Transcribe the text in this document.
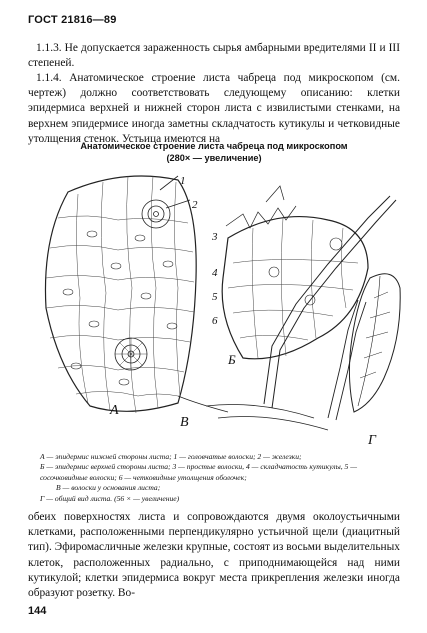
ГОСТ 21816—89

1.1.3. Не допускается зараженность сырья амбарными вредителями II и III степеней.

1.1.4. Анатомическое строение листа чабреца под микроскопом (см. чертеж) должно соответствовать следующему описанию: клетки эпидермиса верхней и нижней сторон листа с извилистыми стенками, на верхнем эпидермисе иногда заметны складчатость кутикулы и четковидные утолщения стенок. Устьица имеются на

Анатомическое строение листа чабреца под микроскопом
(280× — увеличение)
1
2
3
4
5
6
А
Б
В
Г
А — эпидермис нижней стороны листа; 1 — головчатые волоски; 2 — железки;
Б — эпидермис верхней стороны листа; 3 — простые волоски, 4 — складчатость кутикулы, 5 — сосочковидные волоски; 6 — четковидные утолщения оболочек;
В — волоски у основания листа;
Г — общий вид листа. (56 × — увеличение)

обеих поверхностях листа и сопровождаются двумя околоустьичными клетками, расположенными перпендикулярно устьичной щели (диацитный тип). Эфиромасличные железки крупные, состоят из восьми выделительных клеток, расположенных радиально, с приподнимающейся над ними кутикулой; клетки эпидермиса вокруг места прикрепления железки иногда образуют розетку. Во-

144
